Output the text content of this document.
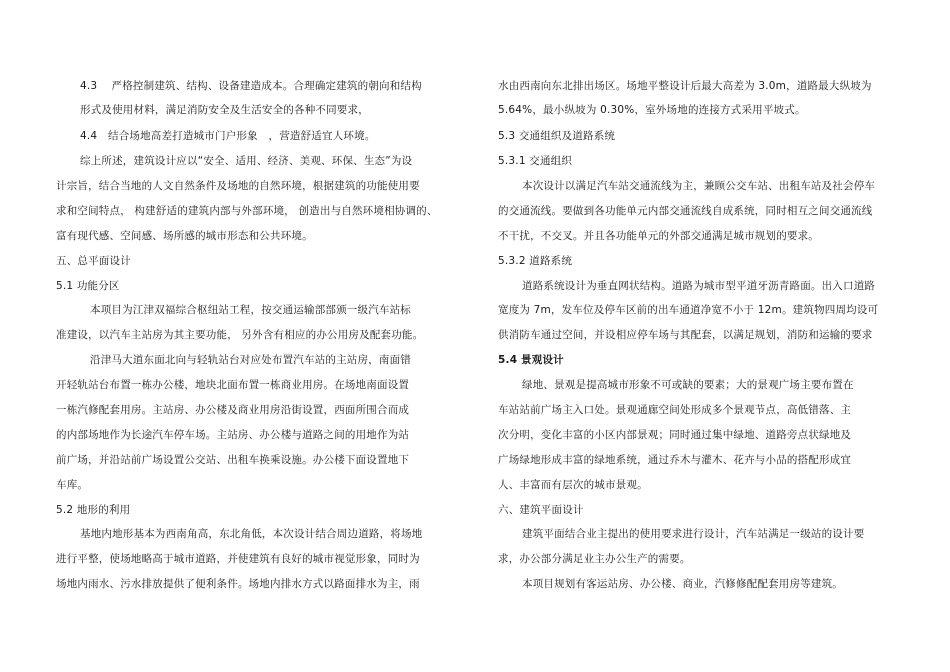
4.3　 严格控制建筑、结构、设备建造成本。合理确定建筑的朝向和结构
形式及使用材料，满足消防安全及生活安全的各种不同要求，
4.4　结合场地高差打造城市门户形象　，营造舒适宜人环境。
综上所述，建筑设计应以“安全、适用、经济、美观、环保、生态”为设
计宗旨，结合当地的人文自然条件及场地的自然环境，根据建筑的功能使用要
求和空间特点， 构建舒适的建筑内部与外部环境， 创造出与自然环境相协调的、
富有现代感、空间感、场所感的城市形态和公共环境。
五、总平面设计
5.1 功能分区
本项目为江津双福综合枢纽站工程，按交通运输部部颁一级汽车站标
准建设，以汽车主站房为其主要功能， 另外含有相应的办公用房及配套功能。
沿津马大道东面北向与轻轨站台对应处布置汽车站的主站房，南面错
开轻轨站台布置一栋办公楼，地块北面布置一栋商业用房。在场地南面设置
一栋汽修配套用房。主站房、办公楼及商业用房沿街设置，西面所围合而成
的内部场地作为长途汽车停车场。主站房、办公楼与道路之间的用地作为站
前广场，并沿站前广场设置公交站、出租车换乘设施。办公楼下面设置地下
车库。
5.2 地形的利用
基地内地形基本为西南角高，东北角低，本次设计结合周边道路，将场地
进行平整，使场地略高于城市道路，并使建筑有良好的城市视觉形象，同时为
场地内雨水、污水排放提供了便利条件。场地内排水方式以路面排水为主，雨
水由西南向东北排出场区。场地平整设计后最大高差为 3.0m，道路最大纵坡为
5.64%，最小纵坡为 0.30%，室外场地的连接方式采用平坡式。
5.3 交通组织及道路系统
5.3.1 交通组织
本次设计以满足汽车站交通流线为主，兼顾公交车站、出租车站及社会停车
的交通流线。要做到各功能单元内部交通流线自成系统，同时相互之间交通流线
不干扰，不交叉。并且各功能单元的外部交通满足城市规划的要求。
5.3.2 道路系统
道路系统设计为垂直网状结构。道路为城市型平道牙沥青路面。出入口道路
宽度为 7m，发车位及停车区前的出车通道净宽不小于 12m。建筑物四周均设可
供消防车通过空间，并设相应停车场与其配套，以满足规划，消防和运输的要求
5.4 景观设计
绿地、景观是提高城市形象不可或缺的要素；大的景观广场主要布置在
车站站前广场主入口处。景观通廊空间处形成多个景观节点，高低错落、主
次分明，变化丰富的小区内部景观；同时通过集中绿地、道路旁点状绿地及
广场绿地形成丰富的绿地系统，通过乔木与灌木、花卉与小品的搭配形成宜
人、丰富而有层次的城市景观。
六、建筑平面设计
建筑平面结合业主提出的使用要求进行设计，汽车站满足一级站的设计要
求，办公部分满足业主办公生产的需要。
本项目规划有客运站房、办公楼、商业，汽修修配配套用房等建筑。
